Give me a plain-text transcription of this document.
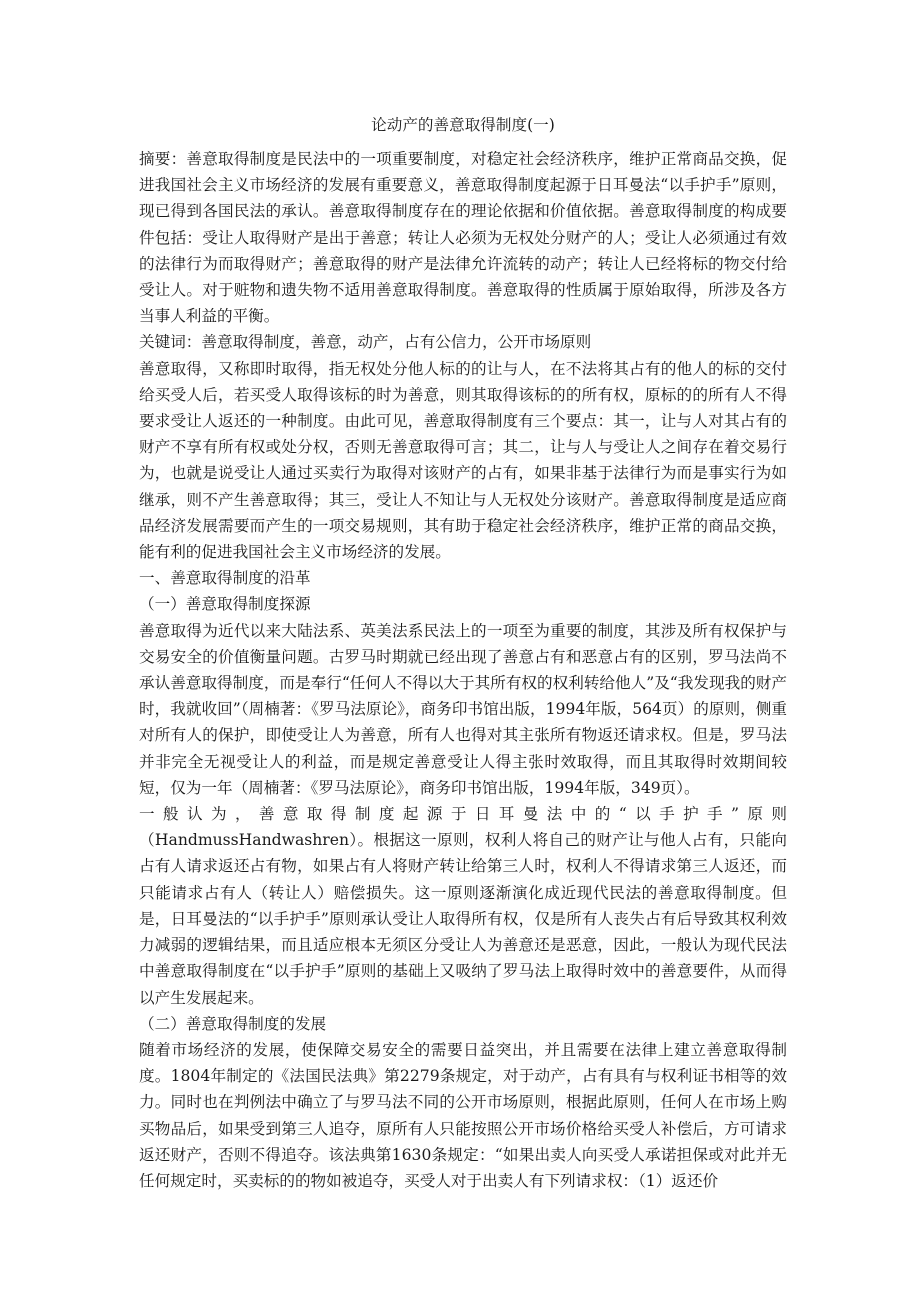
论动产的善意取得制度(一)

摘要：善意取得制度是民法中的一项重要制度，对稳定社会经济秩序，维护正常商品交换，促进我国社会主义市场经济的发展有重要意义，善意取得制度起源于日耳曼法“以手护手”原则，现已得到各国民法的承认。善意取得制度存在的理论依据和价值依据。善意取得制度的构成要件包括：受让人取得财产是出于善意；转让人必须为无权处分财产的人；受让人必须通过有效的法律行为而取得财产；善意取得的财产是法律允许流转的动产；转让人已经将标的物交付给受让人。对于赃物和遗失物不适用善意取得制度。善意取得的性质属于原始取得，所涉及各方当事人利益的平衡。

关键词：善意取得制度，善意，动产，占有公信力，公开市场原则

善意取得，又称即时取得，指无权处分他人标的的让与人，在不法将其占有的他人的标的交付给买受人后，若买受人取得该标的时为善意，则其取得该标的的所有权，原标的的所有人不得要求受让人返还的一种制度。由此可见，善意取得制度有三个要点：其一，让与人对其占有的财产不享有所有权或处分权，否则无善意取得可言；其二，让与人与受让人之间存在着交易行为，也就是说受让人通过买卖行为取得对该财产的占有，如果非基于法律行为而是事实行为如继承，则不产生善意取得；其三，受让人不知让与人无权处分该财产。善意取得制度是适应商品经济发展需要而产生的一项交易规则，其有助于稳定社会经济秩序，维护正常的商品交换，能有利的促进我国社会主义市场经济的发展。

一、善意取得制度的沿革

（一）善意取得制度探源

善意取得为近代以来大陆法系、英美法系民法上的一项至为重要的制度，其涉及所有权保护与交易安全的价值衡量问题。古罗马时期就已经出现了善意占有和恶意占有的区别，罗马法尚不承认善意取得制度，而是奉行“任何人不得以大于其所有权的权利转给他人”及“我发现我的财产时，我就收回”（周楠著：《罗马法原论》，商务印书馆出版，1994年版，564页）的原则，侧重对所有人的保护，即使受让人为善意，所有人也得对其主张所有物返还请求权。但是，罗马法并非完全无视受让人的利益，而是规定善意受让人得主张时效取得，而且其取得时效期间较短，仅为一年（周楠著：《罗马法原论》，商务印书馆出版，1994年版，349页）。

一般认为，善意取得制度起源于日耳曼法中的“以手护手”原则（HandmussHandwashren）。根据这一原则，权利人将自己的财产让与他人占有，只能向占有人请求返还占有物，如果占有人将财产转让给第三人时，权利人不得请求第三人返还，而只能请求占有人（转让人）赔偿损失。这一原则逐渐演化成近现代民法的善意取得制度。但是，日耳曼法的“以手护手”原则承认受让人取得所有权，仅是所有人丧失占有后导致其权利效力减弱的逻辑结果，而且适应根本无须区分受让人为善意还是恶意，因此，一般认为现代民法中善意取得制度在“以手护手”原则的基础上又吸纳了罗马法上取得时效中的善意要件，从而得以产生发展起来。

（二）善意取得制度的发展

随着市场经济的发展，使保障交易安全的需要日益突出，并且需要在法律上建立善意取得制度。1804年制定的《法国民法典》第2279条规定，对于动产，占有具有与权利证书相等的效力。同时也在判例法中确立了与罗马法不同的公开市场原则，根据此原则，任何人在市场上购买物品后，如果受到第三人追夺，原所有人只能按照公开市场价格给买受人补偿后，方可请求返还财产，否则不得追夺。该法典第1630条规定：“如果出卖人向买受人承诺担保或对此并无任何规定时，买卖标的的物如被追夺，买受人对于出卖人有下列请求权：（1）返还价
